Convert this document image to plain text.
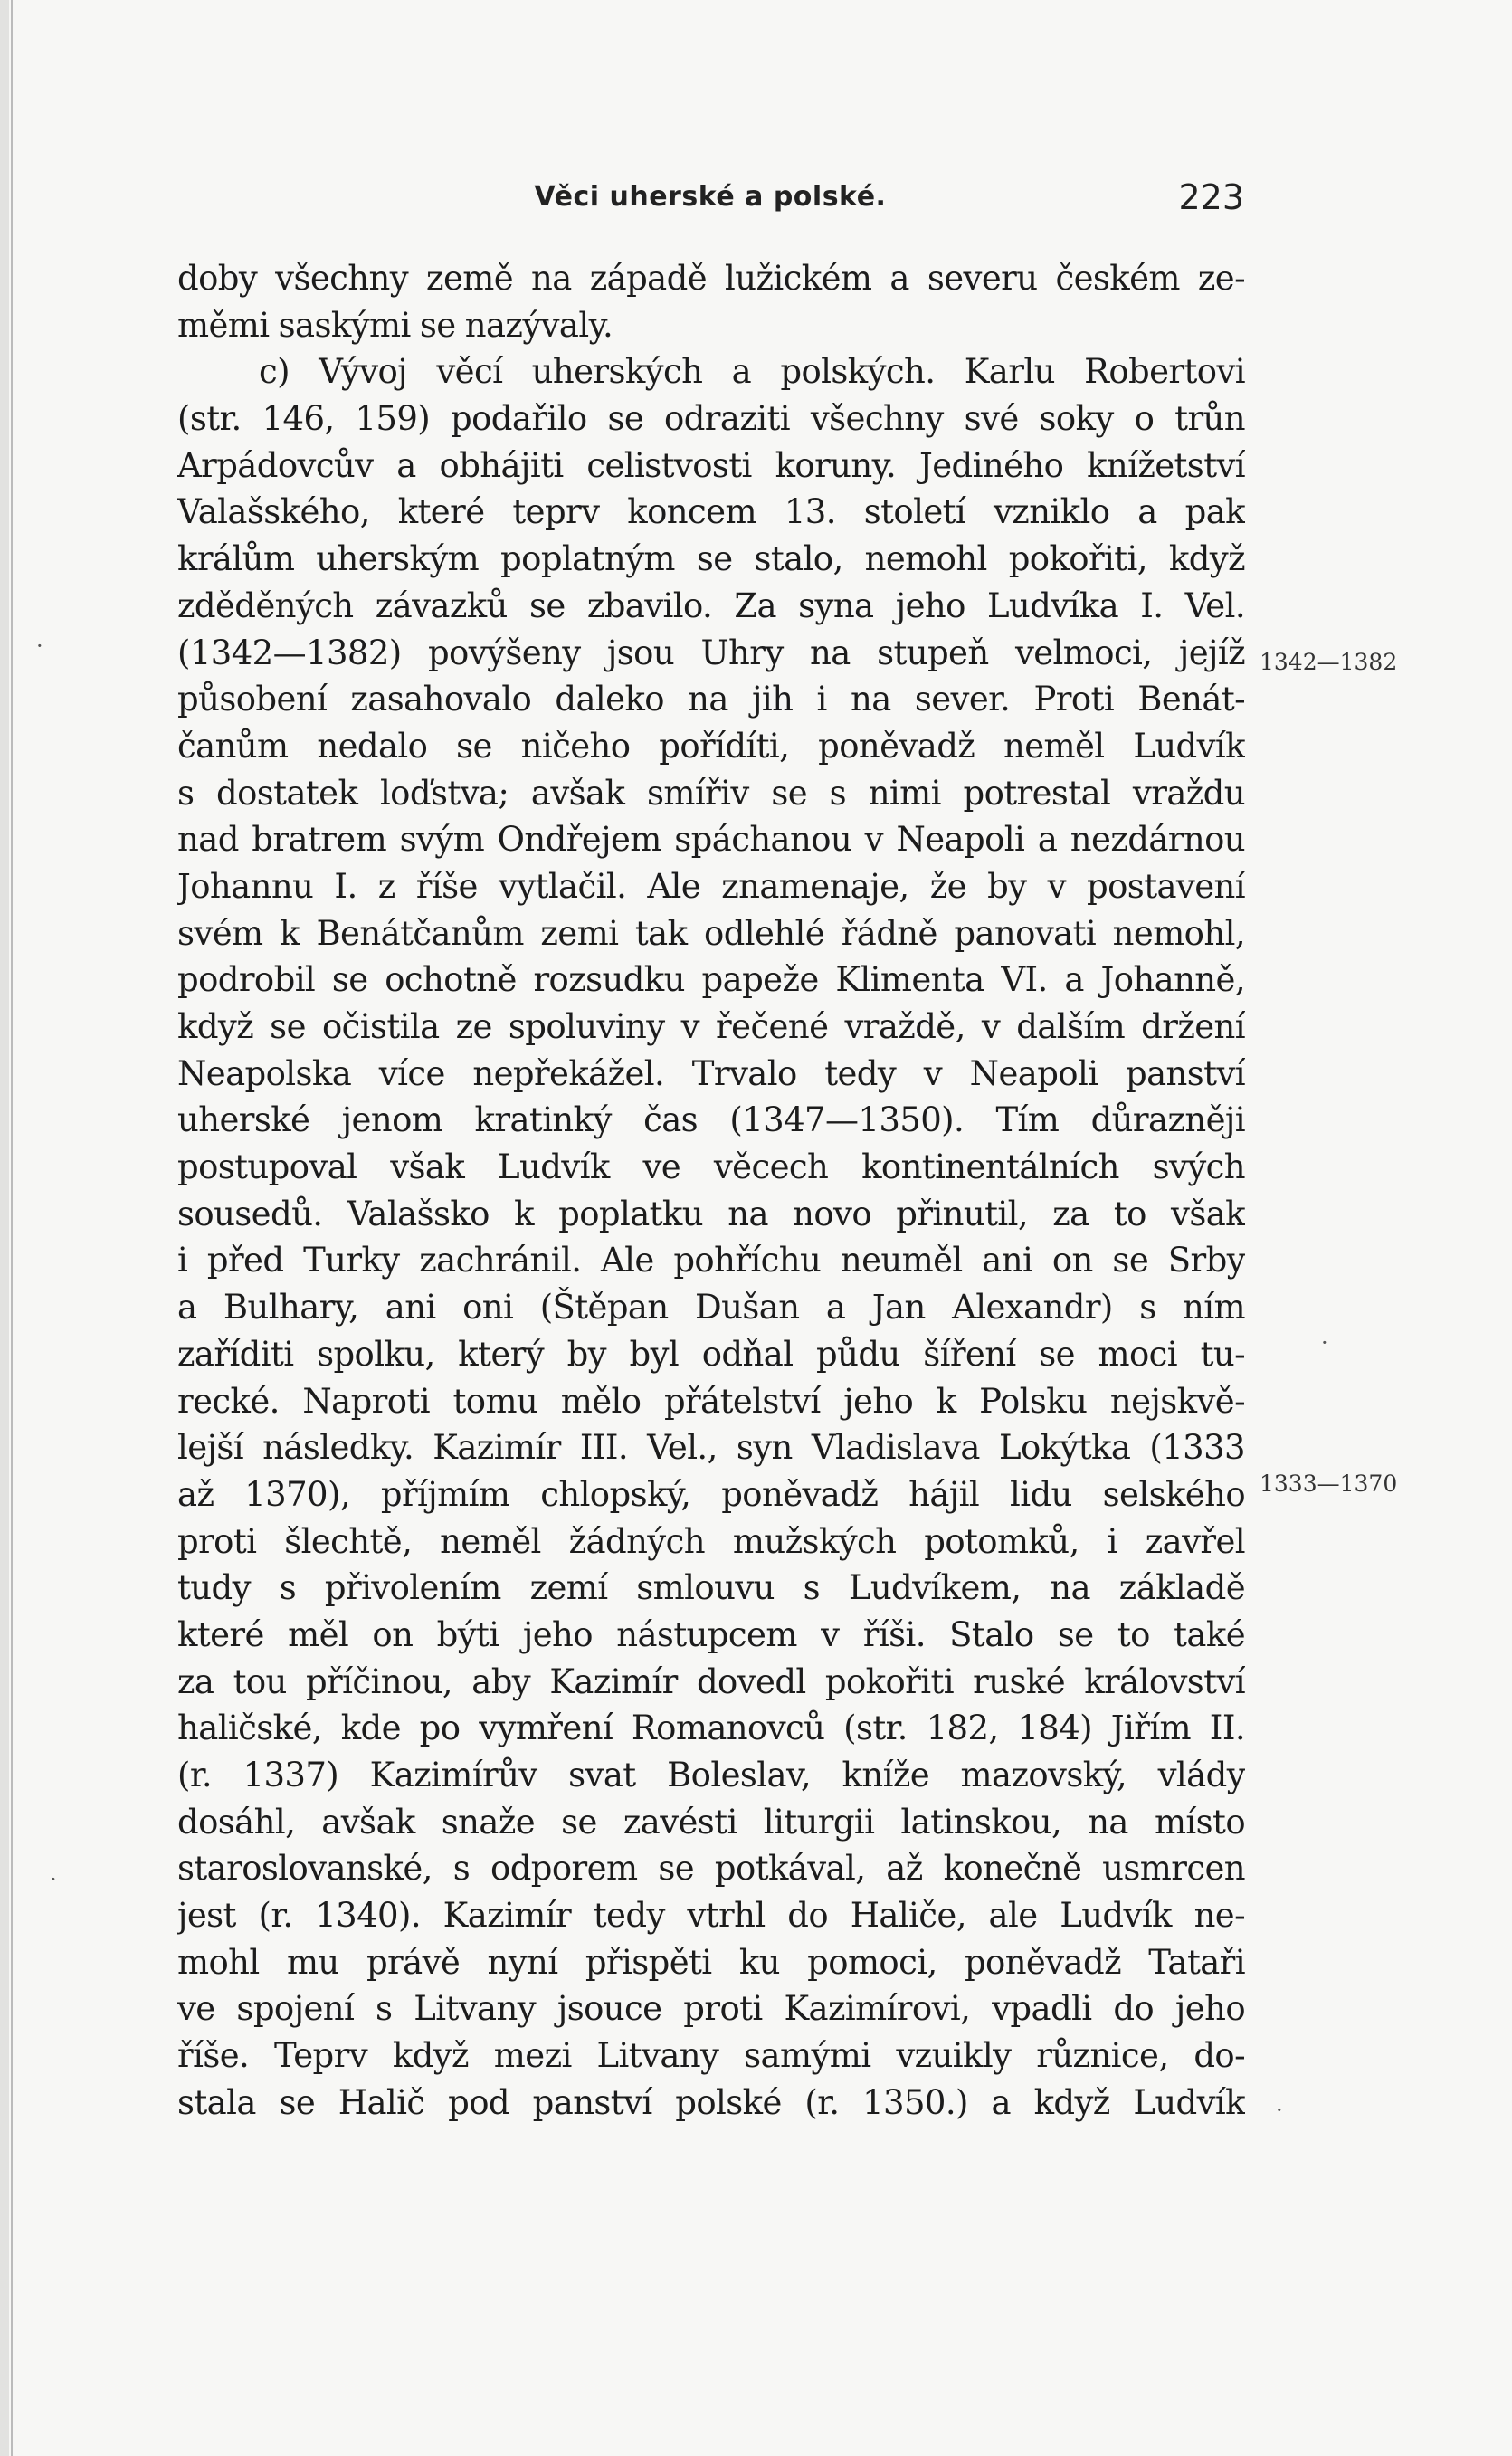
Věci uherské a polské.	223
doby všechny země na západě lužickém a severu českém ze-
měmi saskými se nazývaly.
c) Vývoj věcí uherských a polských. Karlu Robertovi
(str. 146, 159) podařilo se odraziti všechny své soky o trůn
Arpádovcův a obhájiti celistvosti koruny. Jediného knížetství
Valašského, které teprv koncem 13. století vzniklo a pak
králům uherským poplatným se stalo, nemohl pokořiti, když
zděděných závazků se zbavilo. Za syna jeho Ludvíka I. Vel.
(1342—1382) povýšeny jsou Uhry na stupeň velmoci, jejíž
působení zasahovalo daleko na jih i na sever. Proti Benát-
čanům nedalo se ničeho pořídíti, poněvadž neměl Ludvík
s dostatek loďstva; avšak smířiv se s nimi potrestal vraždu
nad bratrem svým Ondřejem spáchanou v Neapoli a nezdárnou
Johannu I. z říše vytlačil. Ale znamenaje, že by v postavení
svém k Benátčanům zemi tak odlehlé řádně panovati nemohl,
podrobil se ochotně rozsudku papeže Klimenta VI. a Johanně,
když se očistila ze spoluviny v řečené vraždě, v dalším držení
Neapolska více nepřekážel. Trvalo tedy v Neapoli panství
uherské jenom kratinký čas (1347—1350). Tím důrazněji
postupoval však Ludvík ve věcech kontinentálních svých
sousedů. Valašsko k poplatku na novo přinutil, za to však
i před Turky zachránil. Ale pohříchu neuměl ani on se Srby
a Bulhary, ani oni (Štěpan Dušan a Jan Alexandr) s ním
zaříditi spolku, který by byl odňal půdu šíření se moci tu-
recké. Naproti tomu mělo přátelství jeho k Polsku nejskvě-
lejší následky. Kazimír III. Vel., syn Vladislava Lokýtka (1333
až 1370), příjmím chlopský, poněvadž hájil lidu selského
proti šlechtě, neměl žádných mužských potomků, i zavřel
tudy s přivolením zemí smlouvu s Ludvíkem, na základě
které měl on býti jeho nástupcem v říši. Stalo se to také
za tou příčinou, aby Kazimír dovedl pokořiti ruské království
haličské, kde po vymření Romanovců (str. 182, 184) Jiřím II.
(r. 1337) Kazimírův svat Boleslav, kníže mazovský, vlády
dosáhl, avšak snaže se zavésti liturgii latinskou, na místo
staroslovanské, s odporem se potkával, až konečně usmrcen
jest (r. 1340). Kazimír tedy vtrhl do Haliče, ale Ludvík ne-
mohl mu právě nyní přispěti ku pomoci, poněvadž Tataři
ve spojení s Litvany jsouce proti Kazimírovi, vpadli do jeho
říše. Teprv když mezi Litvany samými vzuikly různice, do-
stala se Halič pod panství polské (r. 1350.) a když Ludvík
1342—1382
1333—1370
·
·
·
·
